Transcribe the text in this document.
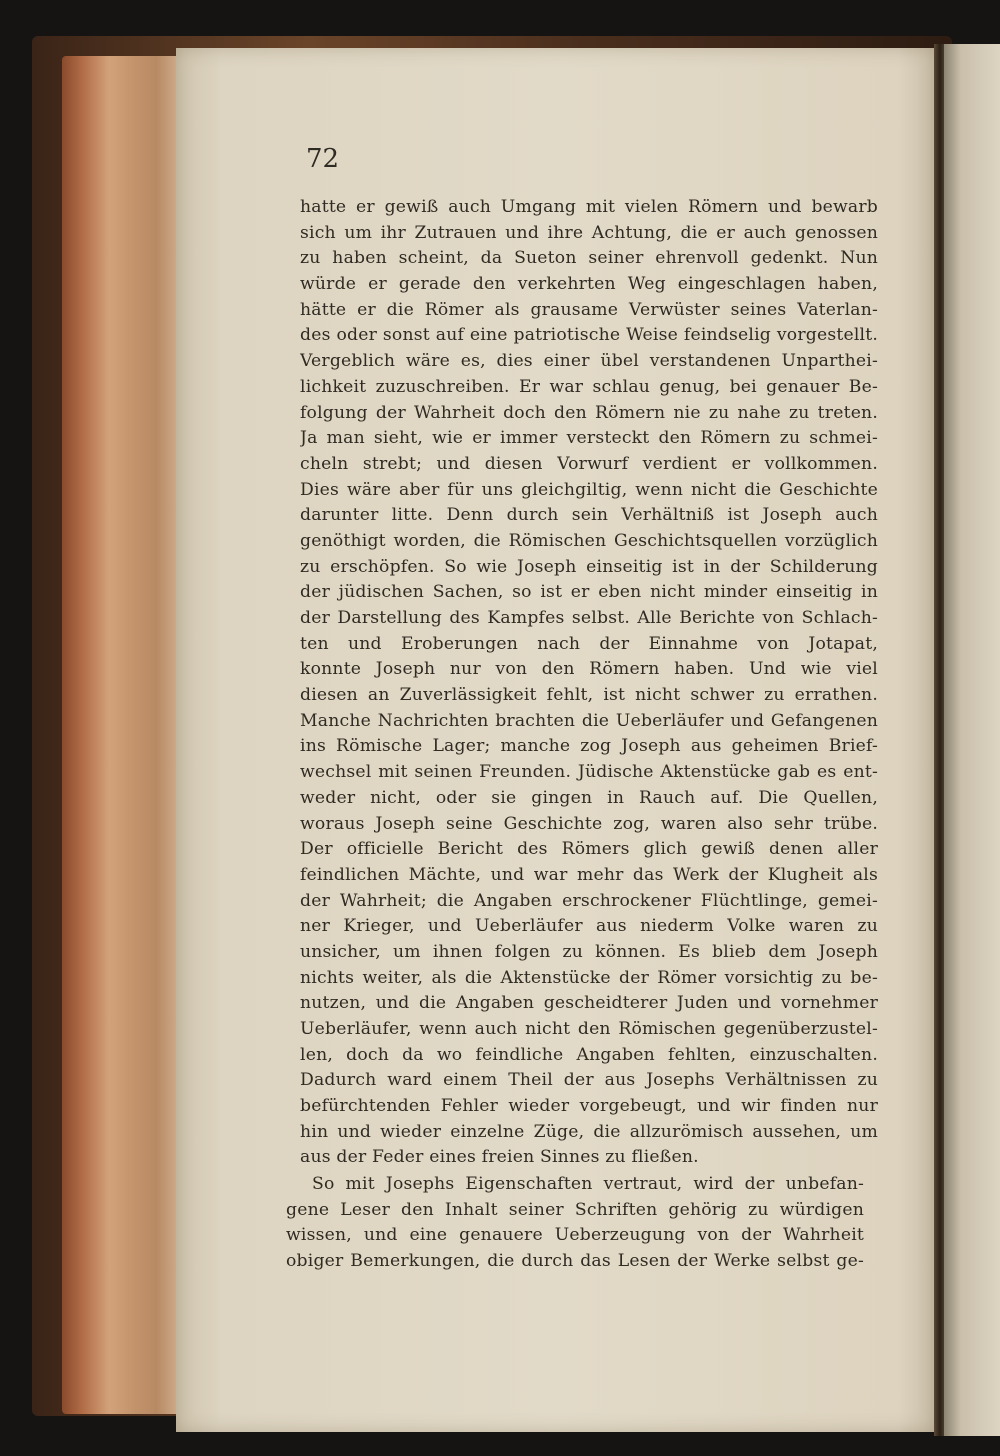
72
hatte er gewiß auch Umgang mit vielen Römern und bewarb
sich um ihr Zutrauen und ihre Achtung, die er auch genossen
zu haben scheint, da Sueton seiner ehrenvoll gedenkt. Nun
würde er gerade den verkehrten Weg eingeschlagen haben,
hätte er die Römer als grausame Verwüster seines Vaterlan-
des oder sonst auf eine patriotische Weise feindselig vorgestellt.
Vergeblich wäre es, dies einer übel verstandenen Unparthei-
lichkeit zuzuschreiben. Er war schlau genug, bei genauer Be-
folgung der Wahrheit doch den Römern nie zu nahe zu treten.
Ja man sieht, wie er immer versteckt den Römern zu schmei-
cheln strebt; und diesen Vorwurf verdient er vollkommen.
Dies wäre aber für uns gleichgiltig, wenn nicht die Geschichte
darunter litte. Denn durch sein Verhältniß ist Joseph auch
genöthigt worden, die Römischen Geschichtsquellen vorzüglich
zu erschöpfen. So wie Joseph einseitig ist in der Schilderung
der jüdischen Sachen, so ist er eben nicht minder einseitig in
der Darstellung des Kampfes selbst. Alle Berichte von Schlach-
ten und Eroberungen nach der Einnahme von Jotapat,
konnte Joseph nur von den Römern haben. Und wie viel
diesen an Zuverlässigkeit fehlt, ist nicht schwer zu errathen.
Manche Nachrichten brachten die Ueberläufer und Gefangenen
ins Römische Lager; manche zog Joseph aus geheimen Brief-
wechsel mit seinen Freunden. Jüdische Aktenstücke gab es ent-
weder nicht, oder sie gingen in Rauch auf. Die Quellen,
woraus Joseph seine Geschichte zog, waren also sehr trübe.
Der officielle Bericht des Römers glich gewiß denen aller
feindlichen Mächte, und war mehr das Werk der Klugheit als
der Wahrheit; die Angaben erschrockener Flüchtlinge, gemei-
ner Krieger, und Ueberläufer aus niederm Volke waren zu
unsicher, um ihnen folgen zu können. Es blieb dem Joseph
nichts weiter, als die Aktenstücke der Römer vorsichtig zu be-
nutzen, und die Angaben gescheidterer Juden und vornehmer
Ueberläufer, wenn auch nicht den Römischen gegenüberzustel-
len, doch da wo feindliche Angaben fehlten, einzuschalten.
Dadurch ward einem Theil der aus Josephs Verhältnissen zu
befürchtenden Fehler wieder vorgebeugt, und wir finden nur
hin und wieder einzelne Züge, die allzurömisch aussehen, um
aus der Feder eines freien Sinnes zu fließen.
So mit Josephs Eigenschaften vertraut, wird der unbefan-
gene Leser den Inhalt seiner Schriften gehörig zu würdigen
wissen, und eine genauere Ueberzeugung von der Wahrheit
obiger Bemerkungen, die durch das Lesen der Werke selbst ge-
